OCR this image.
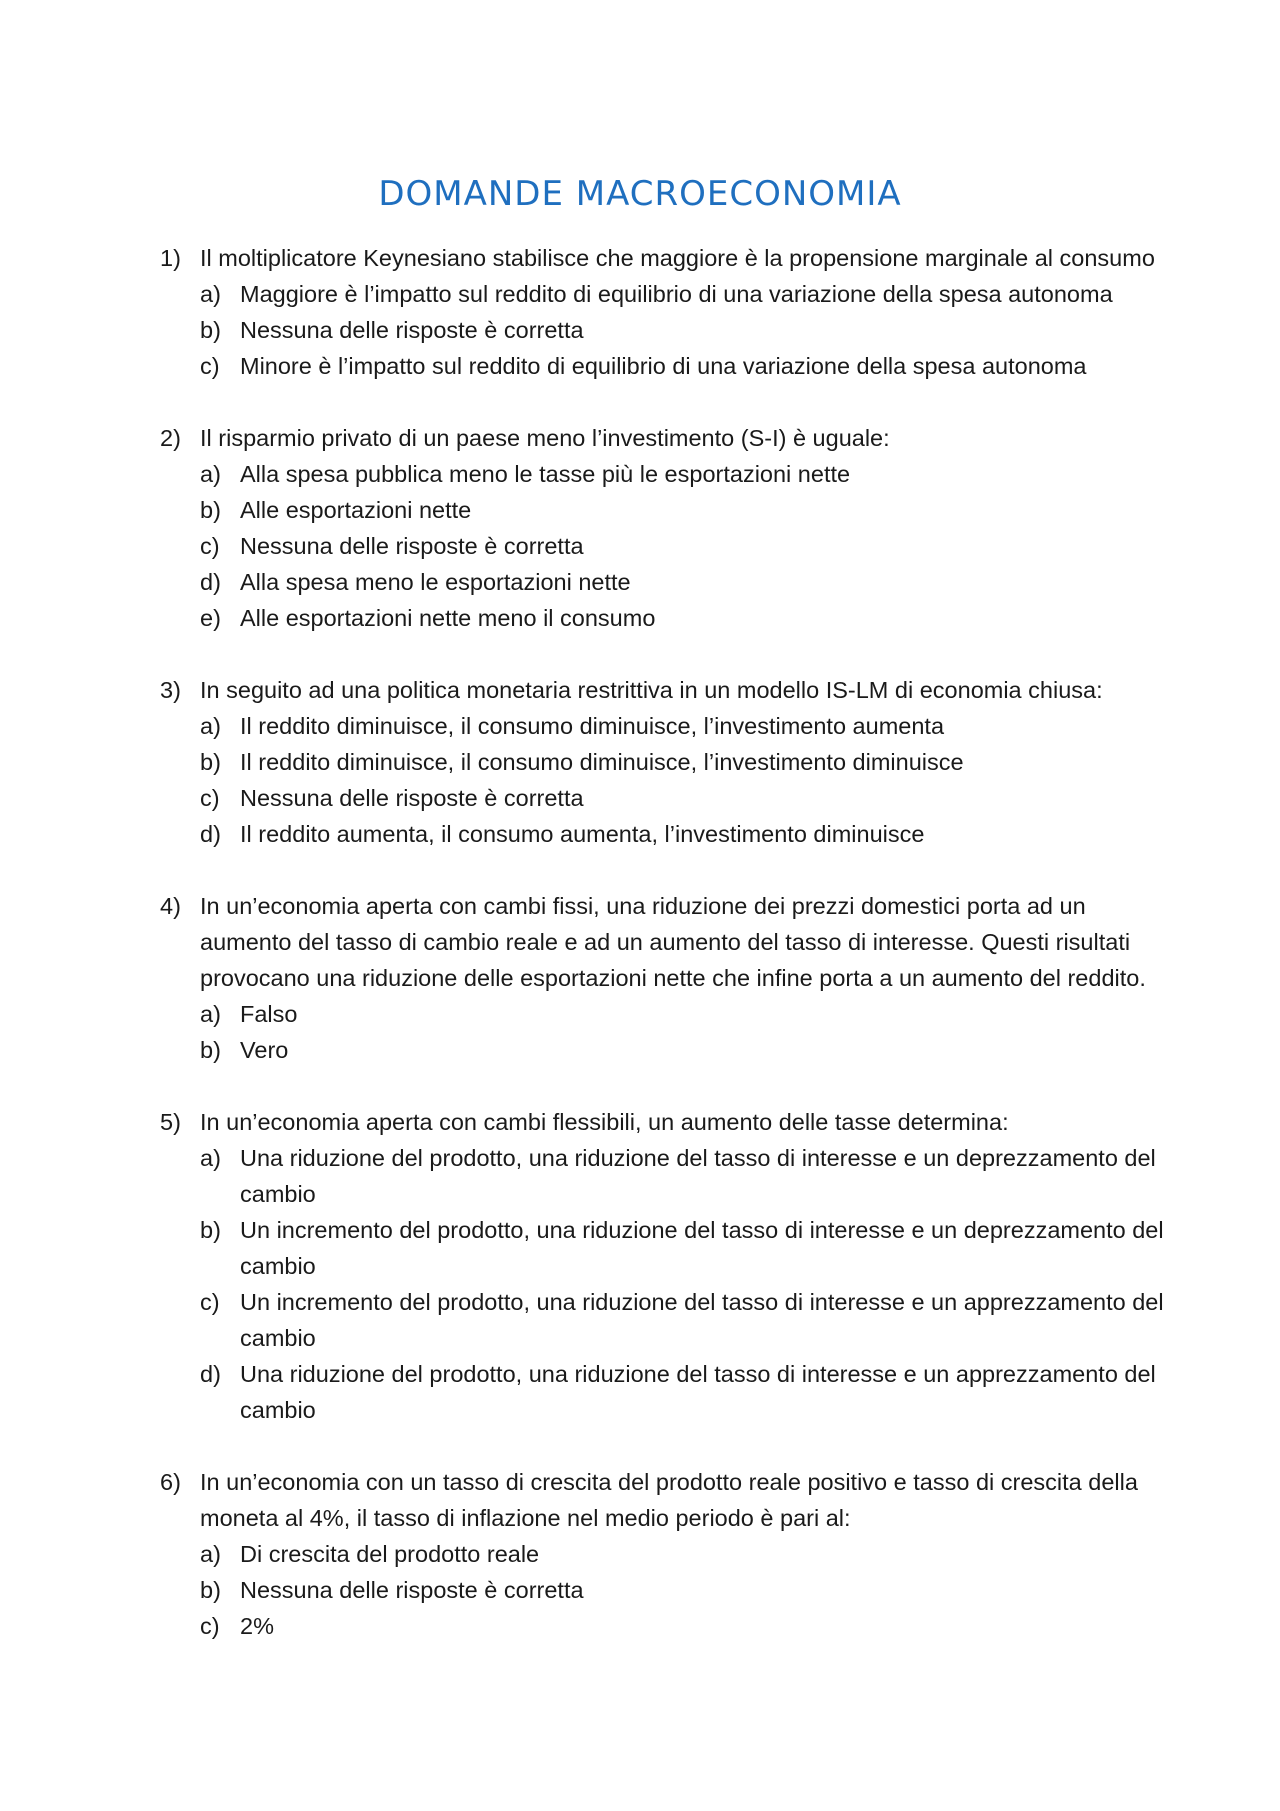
DOMANDE MACROECONOMIA
1) Il moltiplicatore Keynesiano stabilisce che maggiore è la propensione marginale al consumo
a) Maggiore è l’impatto sul reddito di equilibrio di una variazione della spesa autonoma
b) Nessuna delle risposte è corretta
c) Minore è l’impatto sul reddito di equilibrio di una variazione della spesa autonoma
2) Il risparmio privato di un paese meno l’investimento (S-I) è uguale:
a) Alla spesa pubblica meno le tasse più le esportazioni nette
b) Alle esportazioni nette
c) Nessuna delle risposte è corretta
d) Alla spesa meno le esportazioni nette
e) Alle esportazioni nette meno il consumo
3) In seguito ad una politica monetaria restrittiva in un modello IS-LM di economia chiusa:
a) Il reddito diminuisce, il consumo diminuisce, l’investimento aumenta
b) Il reddito diminuisce, il consumo diminuisce, l’investimento diminuisce
c) Nessuna delle risposte è corretta
d) Il reddito aumenta, il consumo aumenta, l’investimento diminuisce
4) In un’economia aperta con cambi fissi, una riduzione dei prezzi domestici porta ad un aumento del tasso di cambio reale e ad un aumento del tasso di interesse. Questi risultati provocano una riduzione delle esportazioni nette che infine porta a un aumento del reddito.
a) Falso
b) Vero
5) In un’economia aperta con cambi flessibili, un aumento delle tasse determina:
a) Una riduzione del prodotto, una riduzione del tasso di interesse e un deprezzamento del cambio
b) Un incremento del prodotto, una riduzione del tasso di interesse e un deprezzamento del cambio
c) Un incremento del prodotto, una riduzione del tasso di interesse e un apprezzamento del cambio
d) Una riduzione del prodotto, una riduzione del tasso di interesse e un apprezzamento del cambio
6) In un’economia con un tasso di crescita del prodotto reale positivo e tasso di crescita della moneta al 4%, il tasso di inflazione nel medio periodo è pari al:
a) Di crescita del prodotto reale
b) Nessuna delle risposte è corretta
c) 2%
